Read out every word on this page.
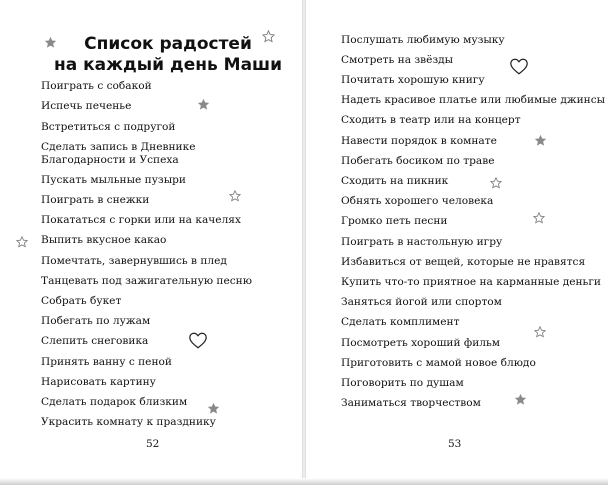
Список радостей
на каждый день Маши
Поиграть с собакой
Испечь печенье
Встретиться с подругой
Сделать запись в Дневнике Благодарности и Успеха
Пускать мыльные пузыри
Поиграть в снежки
Покататься с горки или на качелях
Выпить вкусное какао
Помечтать, завернувшись в плед
Танцевать под зажигательную песню
Собрать букет
Побегать по лужам
Слепить снеговика
Принять ванну с пеной
Нарисовать картину
Сделать подарок близким
Украсить комнату к празднику
52
Послушать любимую музыку
Смотреть на звёзды
Почитать хорошую книгу
Надеть красивое платье или любимые джинсы
Сходить в театр или на концерт
Навести порядок в комнате
Побегать босиком по траве
Сходить на пикник
Обнять хорошего человека
Громко петь песни
Поиграть в настольную игру
Избавиться от вещей, которые не нравятся
Купить что-то приятное на карманные деньги
Заняться йогой или спортом
Сделать комплимент
Посмотреть хороший фильм
Приготовить с мамой новое блюдо
Поговорить по душам
Заниматься творчеством
53
